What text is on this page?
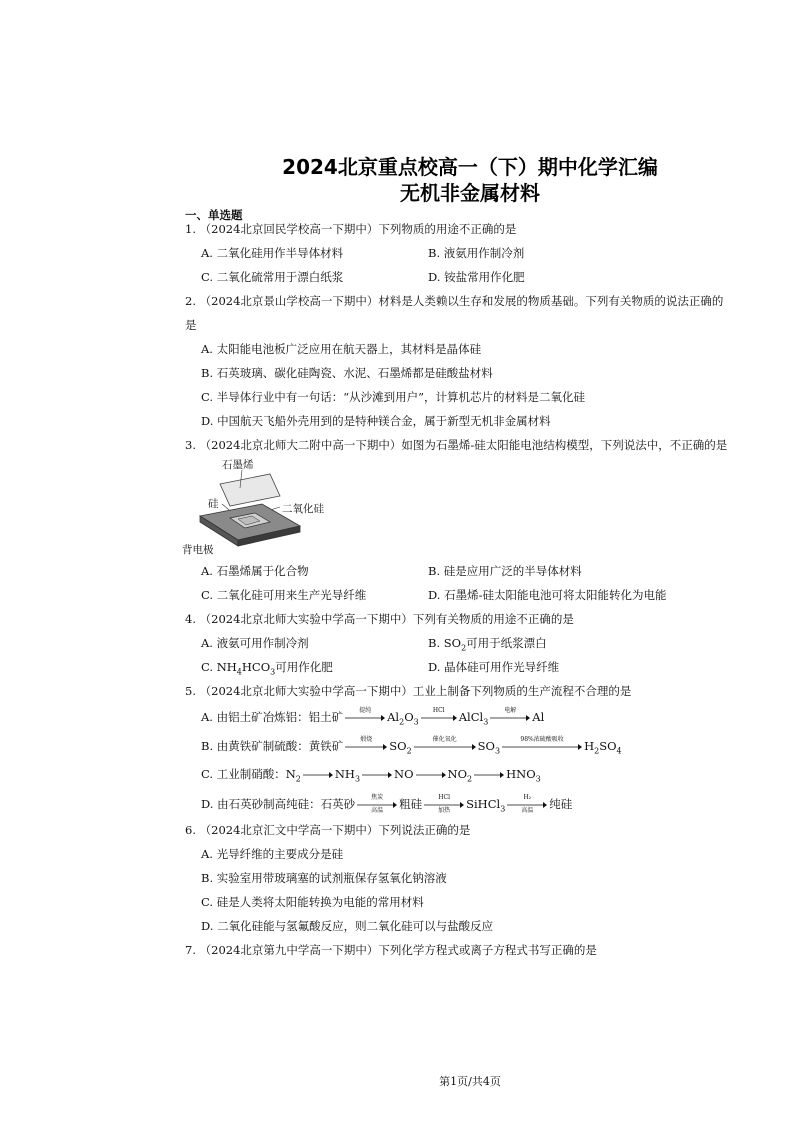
2024北京重点校高一（下）期中化学汇编
无机非金属材料
一、单选题
1. （2024北京回民学校高一下期中）下列物质的用途不正确的是
A. 二氧化硅用作半导体材料	B. 液氨用作制冷剂
C. 二氧化硫常用于漂白纸浆	D. 铵盐常用作化肥
2. （2024北京景山学校高一下期中）材料是人类赖以生存和发展的物质基础。下列有关物质的说法正确的
是
A. 太阳能电池板广泛应用在航天器上，其材料是晶体硅
B. 石英玻璃、碳化硅陶瓷、水泥、石墨烯都是硅酸盐材料
C. 半导体行业中有一句话：“从沙滩到用户”，计算机芯片的材料是二氧化硅
D. 中国航天飞船外壳用到的是特种镁合金，属于新型无机非金属材料
3. （2024北京北师大二附中高一下期中）如图为石墨烯-硅太阳能电池结构模型，下列说法中，不正确的是
石墨烯
硅	二氧化硅
背电极
A. 石墨烯属于化合物	B. 硅是应用广泛的半导体材料
C. 二氧化硅可用来生产光导纤维	D. 石墨烯-硅太阳能电池可将太阳能转化为电能
4. （2024北京北师大实验中学高一下期中）下列有关物质的用途不正确的是
A. 液氨可用作制冷剂	B. $SO_2$可用于纸浆漂白
C. $NH_4HCO_3$可用作化肥	D. 晶体硅可用作光导纤维
5. （2024北京北师大实验中学高一下期中）工业上制备下列物质的生产流程不合理的是
A. 由铝土矿冶炼铝：铝土矿	提纯	$Al_2O_3$
HCl	AlCl$_3$
电解	Al
B. 由黄铁矿制硫酸：黄铁矿	煅烧	$SO_2$
催化氧化	$SO_3$
98%浓硫酸吸收	$H_2SO_4$
C. 工业制硝酸：$N_2$	$NH_3$	NO	$NO_2$	$HNO_3$
D. 由石英砂制高纯硅：石英砂	焦炭
高温	粗硅	HCl
加热	SiHCl$_3$
H₂
高温	纯硅
6. （2024北京汇文中学高一下期中）下列说法正确的是
A. 光导纤维的主要成分是硅
B. 实验室用带玻璃塞的试剂瓶保存氢氧化钠溶液
C. 硅是人类将太阳能转换为电能的常用材料
D. 二氧化硅能与氢氟酸反应，则二氧化硅可以与盐酸反应
7. （2024北京第九中学高一下期中）下列化学方程式或离子方程式书写正确的是
第1页/共4页
